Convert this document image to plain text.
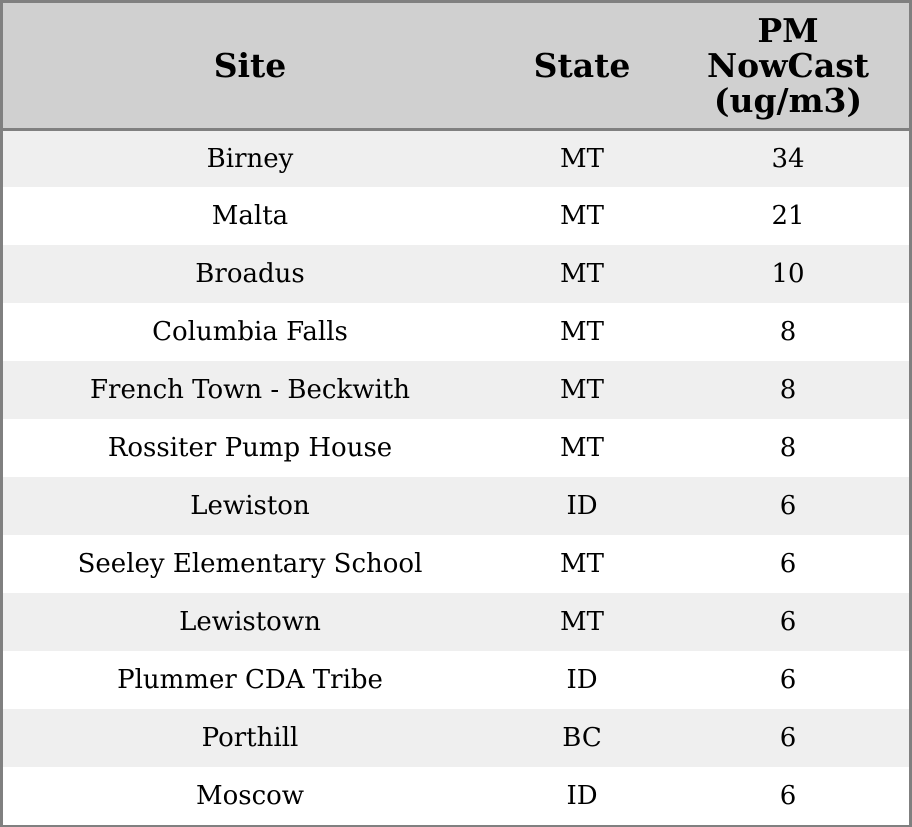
Site	State	PM
NowCast
(ug/m3)
Birney	MT	34
Malta	MT	21
Broadus	MT	10
Columbia Falls	MT	8
French Town - Beckwith	MT	8
Rossiter Pump House	MT	8
Lewiston	ID	6
Seeley Elementary School	MT	6
Lewistown	MT	6
Plummer CDA Tribe	ID	6
Porthill	BC	6
Moscow	ID	6
